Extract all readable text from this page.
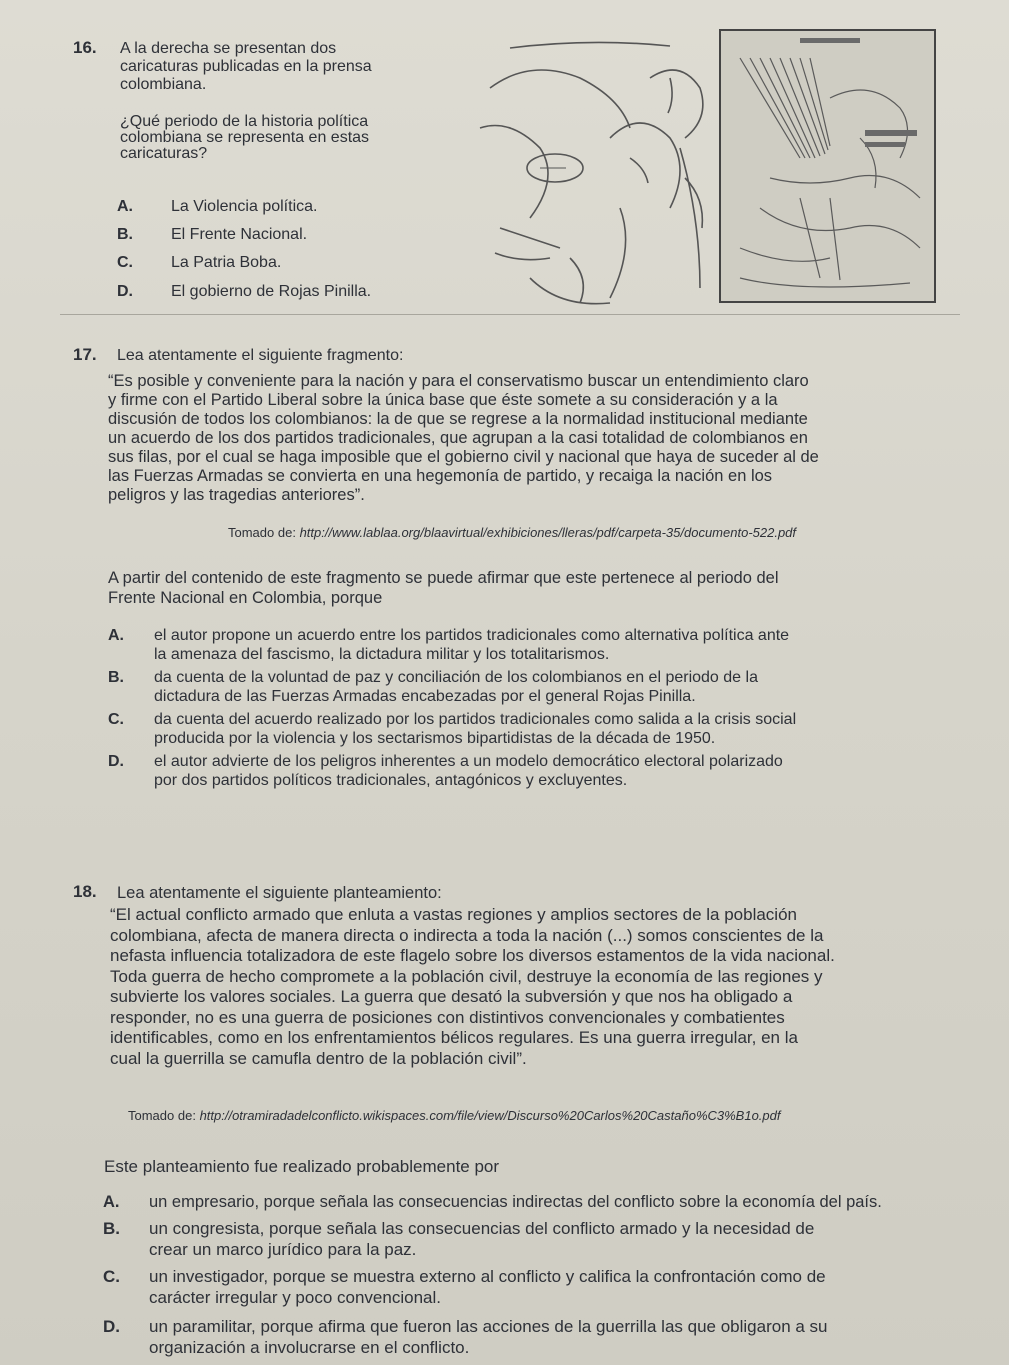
16. A la derecha se presentan dos
caricaturas publicadas en la prensa
colombiana.
¿Qué periodo de la historia política
colombiana se representa en estas
caricaturas?
A. La Violencia política.
B. El Frente Nacional.
C. La Patria Boba.
D. El gobierno de Rojas Pinilla.
17. Lea atentamente el siguiente fragmento:
“Es posible y conveniente para la nación y para el conservatismo buscar un entendimiento claro
y firme con el Partido Liberal sobre la única base que éste somete a su consideración y a la
discusión de todos los colombianos: la de que se regrese a la normalidad institucional mediante
un acuerdo de los dos partidos tradicionales, que agrupan a la casi totalidad de colombianos en
sus filas, por el cual se haga imposible que el gobierno civil y nacional que haya de suceder al de
las Fuerzas Armadas se convierta en una hegemonía de partido, y recaiga la nación en los
peligros y las tragedias anteriores”.
Tomado de: http://www.lablaa.org/blaavirtual/exhibiciones/lleras/pdf/carpeta-35/documento-522.pdf
A partir del contenido de este fragmento se puede afirmar que este pertenece al periodo del
Frente Nacional en Colombia, porque
A. el autor propone un acuerdo entre los partidos tradicionales como alternativa política ante
la amenaza del fascismo, la dictadura militar y los totalitarismos.
B. da cuenta de la voluntad de paz y conciliación de los colombianos en el periodo de la
dictadura de las Fuerzas Armadas encabezadas por el general Rojas Pinilla.
C. da cuenta del acuerdo realizado por los partidos tradicionales como salida a la crisis social
producida por la violencia y los sectarismos bipartidistas de la década de 1950.
D. el autor advierte de los peligros inherentes a un modelo democrático electoral polarizado
por dos partidos políticos tradicionales, antagónicos y excluyentes.
18. Lea atentamente el siguiente planteamiento:
“El actual conflicto armado que enluta a vastas regiones y amplios sectores de la población
colombiana, afecta de manera directa o indirecta a toda la nación (...) somos conscientes de la
nefasta influencia totalizadora de este flagelo sobre los diversos estamentos de la vida nacional.
Toda guerra de hecho compromete a la población civil, destruye la economía de las regiones y
subvierte los valores sociales. La guerra que desató la subversión y que nos ha obligado a
responder, no es una guerra de posiciones con distintivos convencionales y combatientes
identificables, como en los enfrentamientos bélicos regulares. Es una guerra irregular, en la
cual la guerrilla se camufla dentro de la población civil”.
Tomado de: http://otramiradadelconflicto.wikispaces.com/file/view/Discurso%20Carlos%20Castaño%C3%B1o.pdf
Este planteamiento fue realizado probablemente por
A. un empresario, porque señala las consecuencias indirectas del conflicto sobre la economía del país.
B. un congresista, porque señala las consecuencias del conflicto armado y la necesidad de
crear un marco jurídico para la paz.
C. un investigador, porque se muestra externo al conflicto y califica la confrontación como de
carácter irregular y poco convencional.
D. un paramilitar, porque afirma que fueron las acciones de la guerrilla las que obligaron a su
organización a involucrarse en el conflicto.
